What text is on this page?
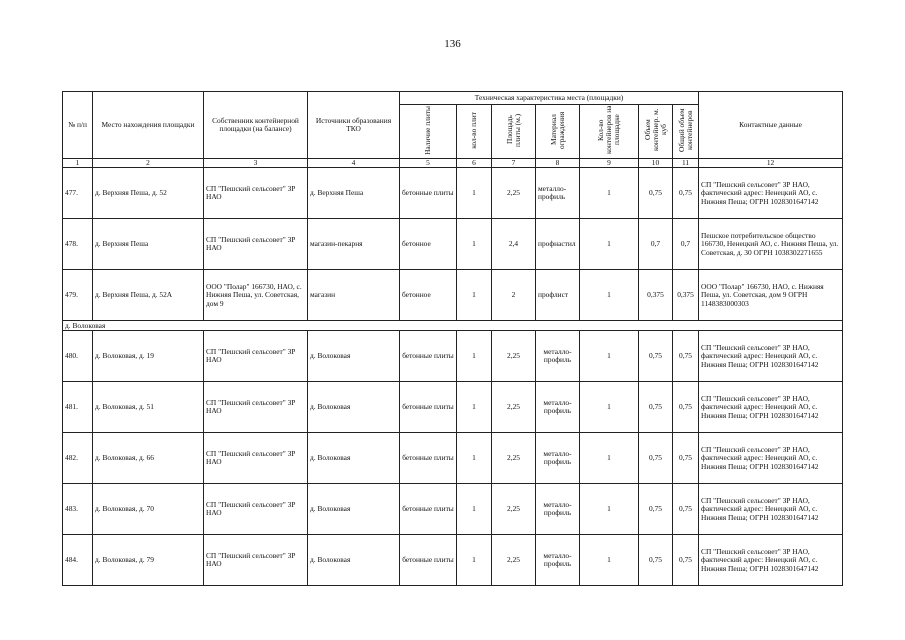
136
№ п/п	Место нахождения площадки	Собственник контейнерной площадки (на балансе)	Источники образования ТКО	Техническая характеристика места (площадки)							Контактные данные
				Наличие плиты	кол-во плит	Площадь плиты (м.)	Материал ограждения	Кол-во контейнеров на площадке	Объем контейнер. м. куб	Общий объем контейнеров	
1	2	3	4	5	6	7	8	9	10	11	12
477.	д. Верхняя Пеша, д. 52	СП "Пешский сельсовет" ЗР НАО	д. Верхняя Пеша	бетонные плиты	1	2,25	металло-профиль	1	0,75	0,75	СП "Пешский сельсовет" ЗР НАО, фактический адрес: Ненецкий АО, с. Нижняя Пеша; ОГРН 1028301647142
478.	д. Верхняя Пеша	СП "Пешский сельсовет" ЗР НАО	магазин-пекарня	бетонное	1	2,4	профнастил	1	0,7	0,7	Пешское потребительское общество 166730, Ненецкий АО, с. Нижняя Пеша, ул. Советская, д. 30 ОГРН 1038302271655
479.	д. Верхняя Пеша, д. 52А	ООО "Полар" 166730, НАО, с. Нижняя Пеша, ул. Советская, дом 9	магазин	бетонное	1	2	профлист	1	0,375	0,375	ООО "Полар" 166730, НАО, с. Нижняя Пеша, ул. Советская, дом 9 ОГРН 1148383000303
д. Волоковая											
480.	д. Волоковая, д. 19	СП "Пешский сельсовет" ЗР НАО	д. Волоковая	бетонные плиты	1	2,25	металло-профиль	1	0,75	0,75	СП "Пешский сельсовет" ЗР НАО, фактический адрес: Ненецкий АО, с. Нижняя Пеша; ОГРН 1028301647142
481.	д. Волоковая, д. 51	СП "Пешский сельсовет" ЗР НАО	д. Волоковая	бетонные плиты	1	2,25	металло-профиль	1	0,75	0,75	СП "Пешский сельсовет" ЗР НАО, фактический адрес: Ненецкий АО, с. Нижняя Пеша; ОГРН 1028301647142
482.	д. Волоковая, д. 66	СП "Пешский сельсовет" ЗР НАО	д. Волоковая	бетонные плиты	1	2,25	металло-профиль	1	0,75	0,75	СП "Пешский сельсовет" ЗР НАО, фактический адрес: Ненецкий АО, с. Нижняя Пеша; ОГРН 1028301647142
483.	д. Волоковая, д. 70	СП "Пешский сельсовет" ЗР НАО	д. Волоковая	бетонные плиты	1	2,25	металло-профиль	1	0,75	0,75	СП "Пешский сельсовет" ЗР НАО, фактический адрес: Ненецкий АО, с. Нижняя Пеша; ОГРН 1028301647142
484.	д. Волоковая, д. 79	СП "Пешский сельсовет" ЗР НАО	д. Волоковая	бетонные плиты	1	2,25	металло-профиль	1	0,75	0,75	СП "Пешский сельсовет" ЗР НАО, фактический адрес: Ненецкий АО, с. Нижняя Пеша; ОГРН 1028301647142
